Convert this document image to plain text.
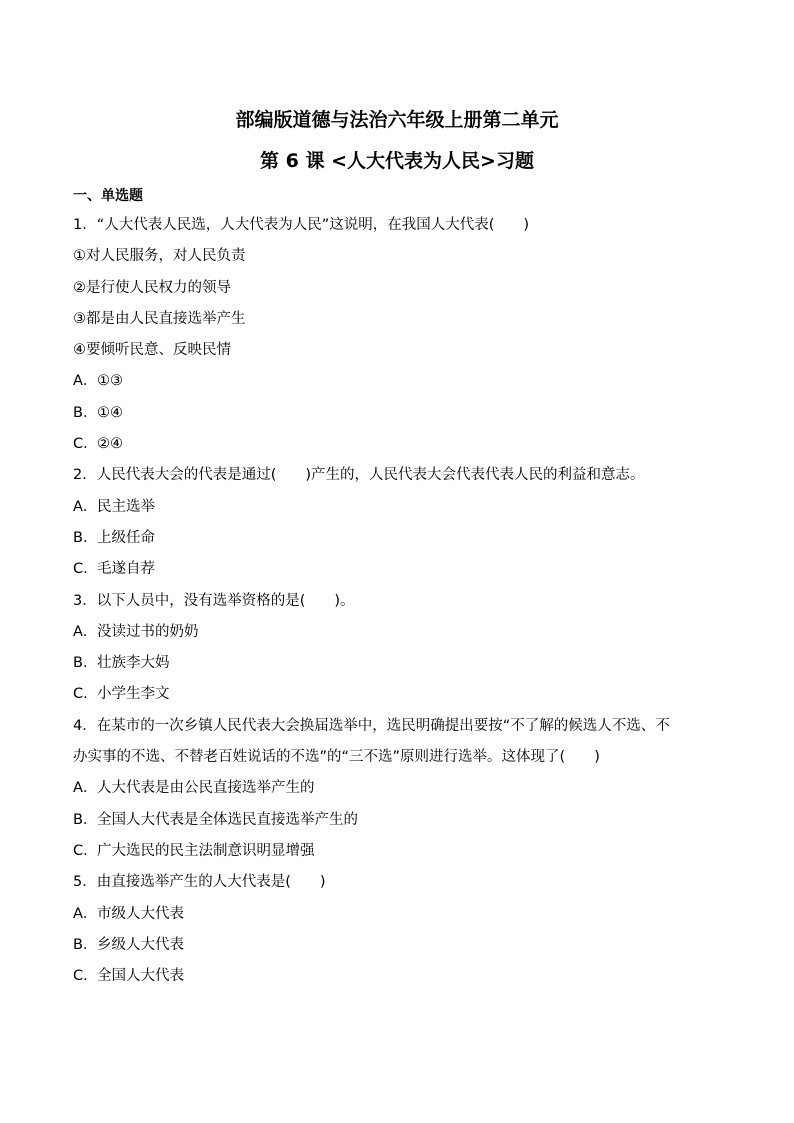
部编版道德与法治六年级上册第二单元
第 6 课 <人大代表为人民>习题
一、单选题
1．“人大代表人民选，人大代表为人民”这说明，在我国人大代表(　　)
①对人民服务，对人民负责
②是行使人民权力的领导
③都是由人民直接选举产生
④要倾听民意、反映民情
A．①③
B．①④
C．②④
2．人民代表大会的代表是通过(　　)产生的，人民代表大会代表代表人民的利益和意志。
A．民主选举
B．上级任命
C．毛遂自荐
3．以下人员中，没有选举资格的是(　　)。
A．没读过书的奶奶
B．壮族李大妈
C．小学生李文
4．在某市的一次乡镇人民代表大会换届选举中，选民明确提出要按“不了解的候选人不选、不
办实事的不选、不替老百姓说话的不选”的“三不选”原则进行选举。这体现了(　　)
A．人大代表是由公民直接选举产生的
B．全国人大代表是全体选民直接选举产生的
C．广大选民的民主法制意识明显增强
5．由直接选举产生的人大代表是(　　)
A．市级人大代表
B．乡级人大代表
C．全国人大代表
